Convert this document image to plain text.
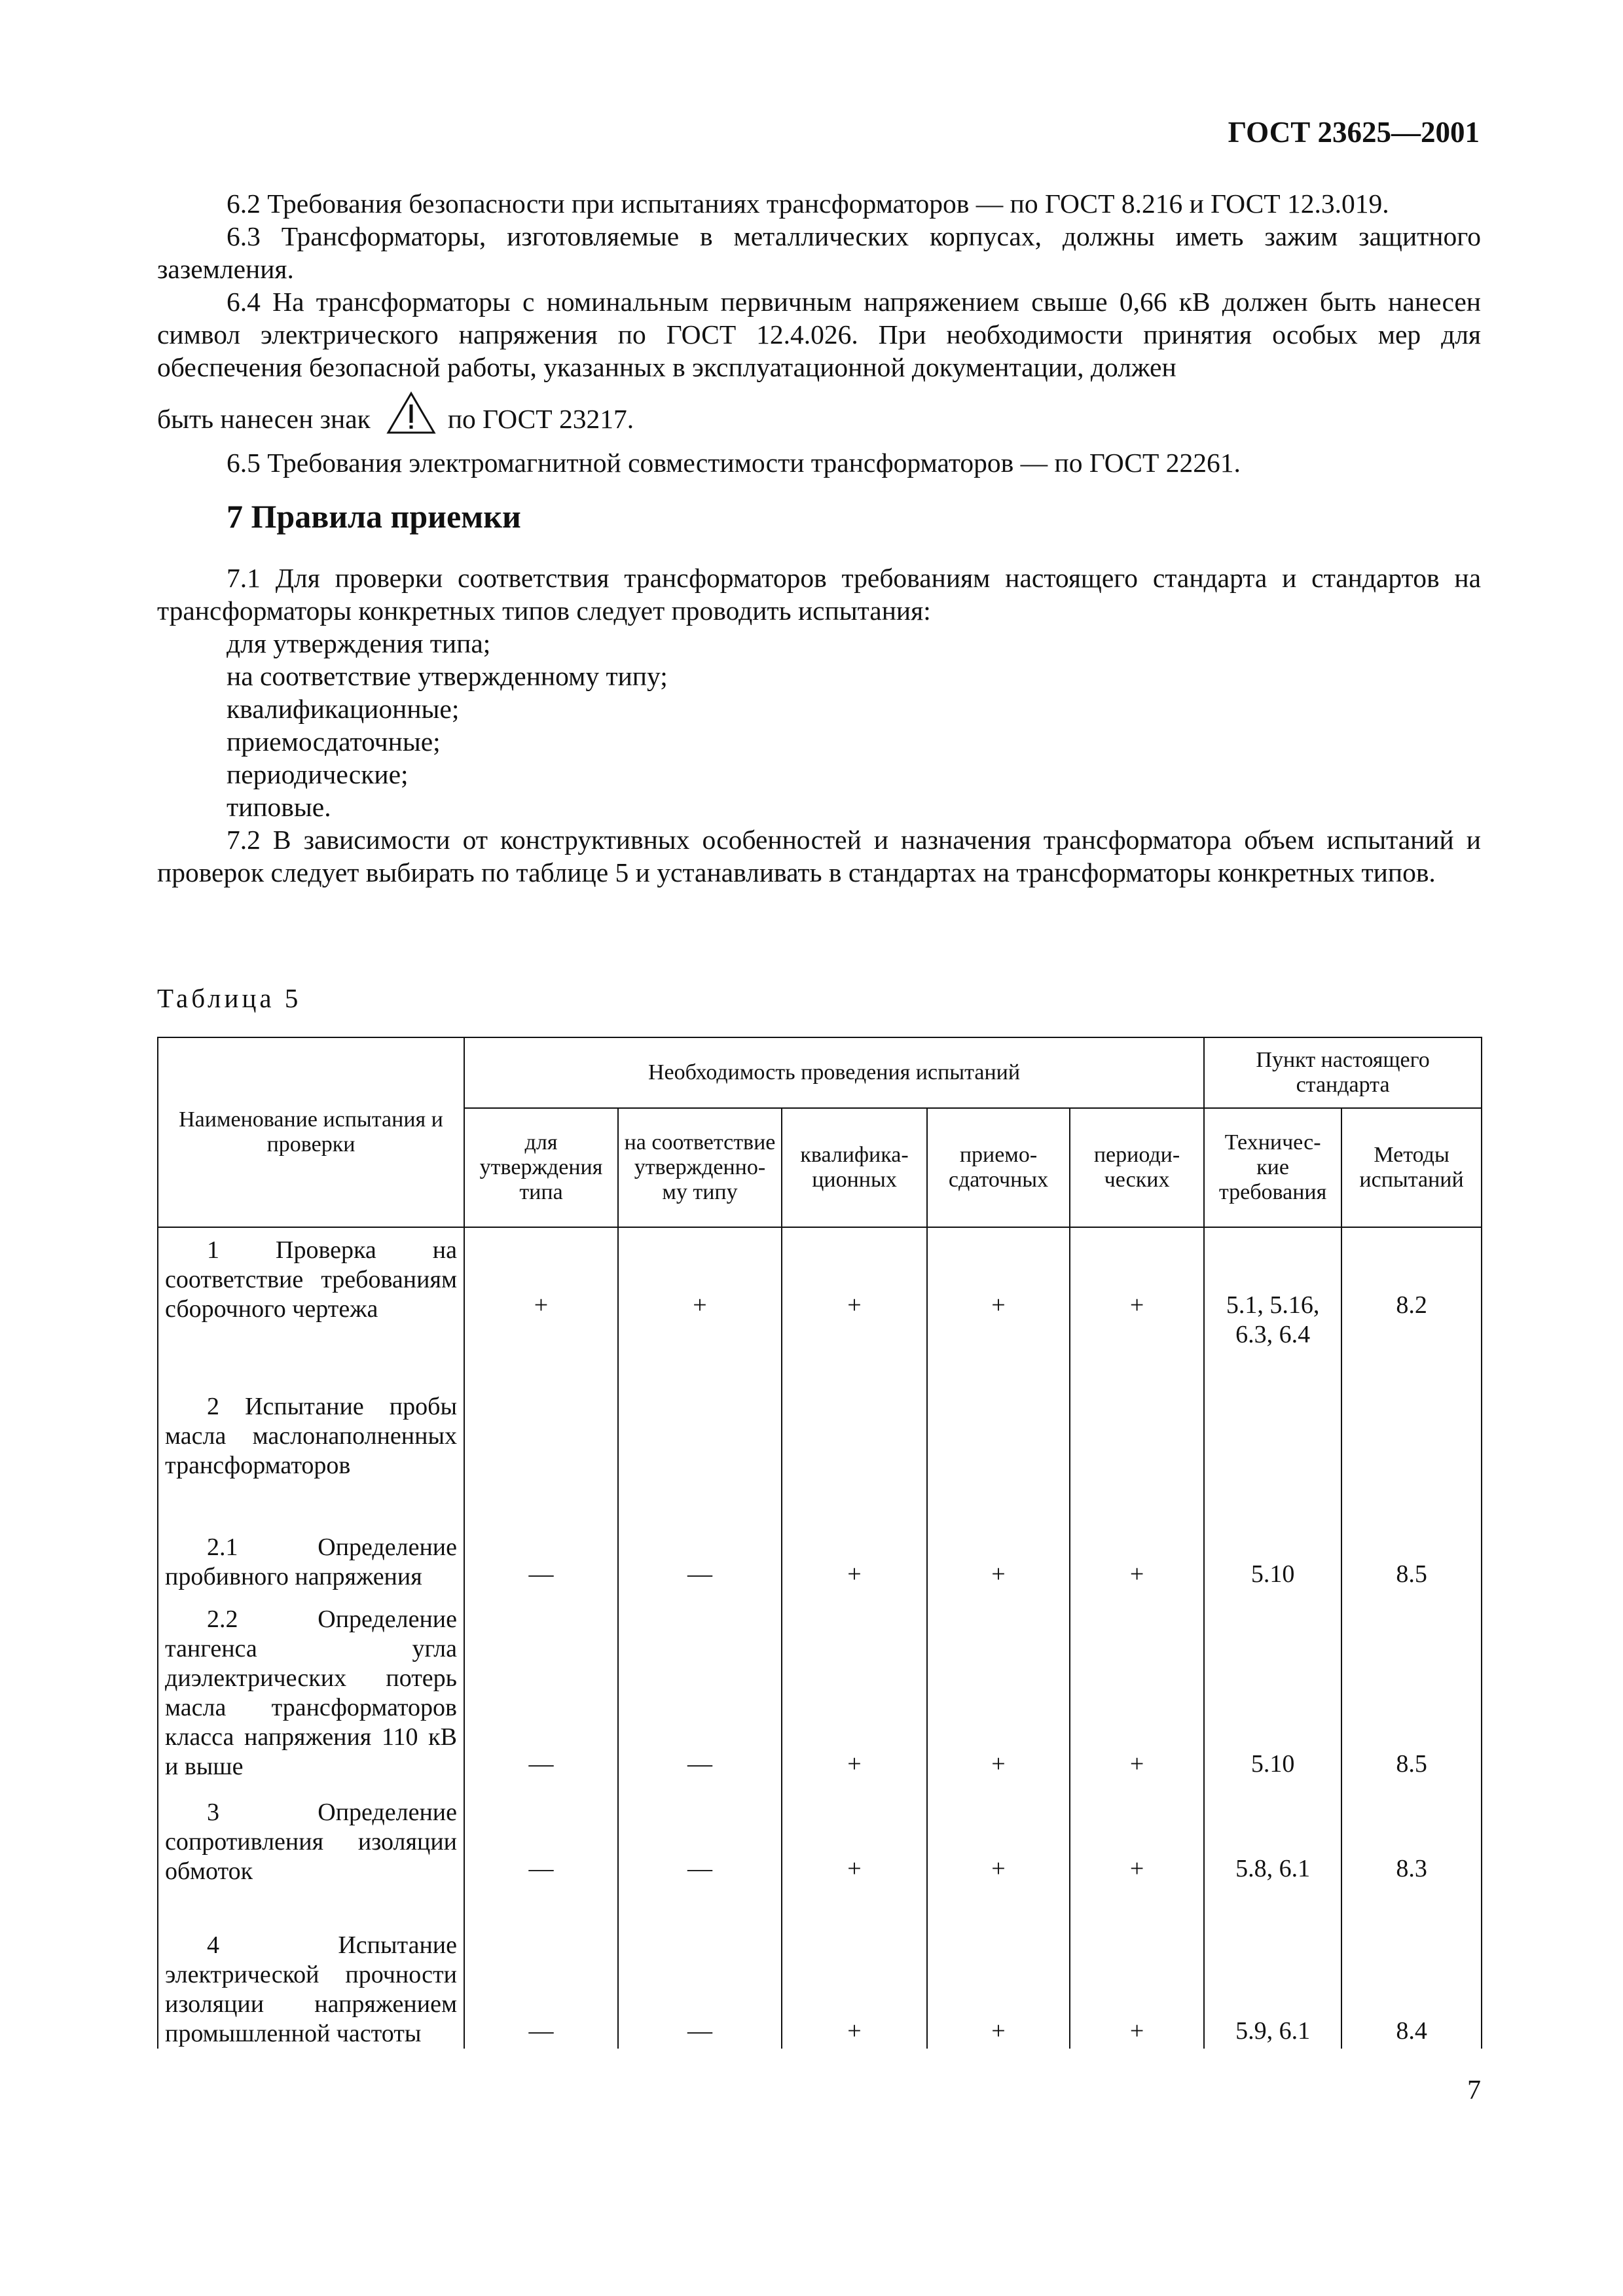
ГОСТ 23625—2001

6.2 Требования безопасности при испытаниях трансформаторов — по ГОСТ 8.216 и ГОСТ 12.3.019.

6.3 Трансформаторы, изготовляемые в металлических корпусах, должны иметь зажим защитного заземления.

6.4 На трансформаторы с номинальным первичным напряжением свыше 0,66 кВ должен быть нанесен символ электрического напряжения по ГОСТ 12.4.026. При необходимости принятия особых мер для обеспечения безопасной работы, указанных в эксплуатационной документации, должен

быть нанесен знак	по ГОСТ 23217.

6.5 Требования электромагнитной совместимости трансформаторов — по ГОСТ 22261.

7 Правила приемки

7.1 Для проверки соответствия трансформаторов требованиям настоящего стандарта и стандартов на трансформаторы конкретных типов следует проводить испытания:

для утверждения типа;

на соответствие утвержденному типу;

квалификационные;

приемосдаточные;

периодические;

типовые.

7.2 В зависимости от конструктивных особенностей и назначения трансформатора объем испытаний и проверок следует выбирать по таблице 5 и устанавливать в стандартах на трансформаторы конкретных типов.

Таблица 5
Наименование испытания и проверки	Необходимость проведения испытаний					Пункт настоящего стандарта	
	для утверждения типа	на соответствие утвержденно-му типу	квалифика-ционных	приемо-сдаточных	периоди-ческих	Техничес-кие требования	Методы испытаний

1 Проверка на соответствие требованиям сборочного чертежа	+	+	+	+	+	5.1, 5.16, 6.3, 6.4	8.2

2 Испытание пробы масла маслонаполненных трансформаторов							

2.1 Определение пробивного напряжения	—	—	+	+	+	5.10	8.5

2.2 Определение тангенса угла диэлектрических потерь масла трансформаторов класса напряжения 110 кВ и выше	—	—	+	+	+	5.10	8.5

3 Определение сопротивления изоляции обмоток	—	—	+	+	+	5.8, 6.1	8.3

4 Испытание электрической прочности изоляции напряжением промышленной частоты	—	—	+	+	+	5.9, 6.1	8.4
7
